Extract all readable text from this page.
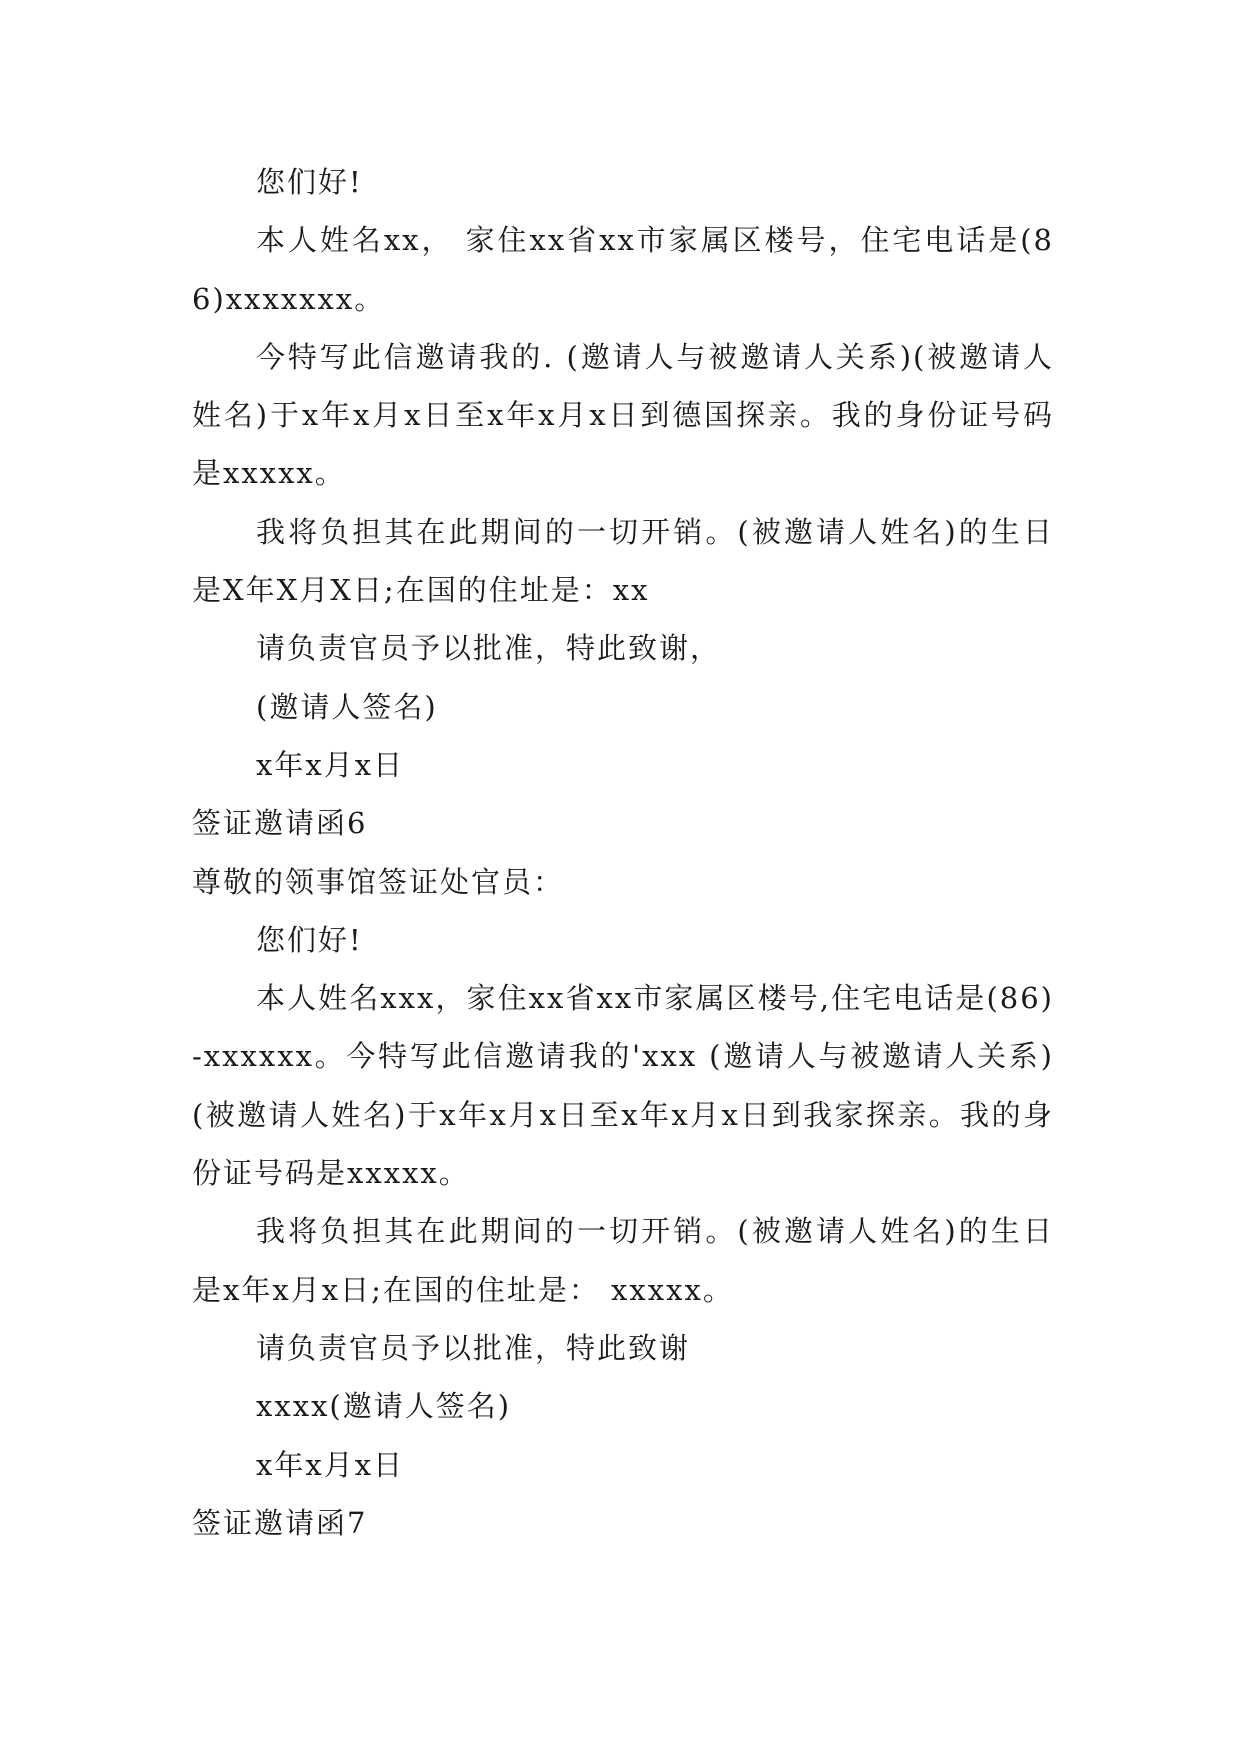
您们好!

本人姓名xx， 家住xx省xx市家属区楼号，住宅电话是(86)xxxxxxx。

今特写此信邀请我的. (邀请人与被邀请人关系)(被邀请人姓名)于x年x月x日至x年x月x日到德国探亲。我的身份证号码是xxxxx。

我将负担其在此期间的一切开销。(被邀请人姓名)的生日是X年X月X日;在国的住址是：xx

请负责官员予以批准，特此致谢，

(邀请人签名)

x年x月x日

签证邀请函6

尊敬的领事馆签证处官员：

您们好!

本人姓名xxx，家住xx省xx市家属区楼号,住宅电话是(86)-xxxxxx。今特写此信邀请我的'xxx (邀请人与被邀请人关系)(被邀请人姓名)于x年x月x日至x年x月x日到我家探亲。我的身份证号码是xxxxx。

我将负担其在此期间的一切开销。(被邀请人姓名)的生日是x年x月x日;在国的住址是： xxxxx。

请负责官员予以批准，特此致谢

xxxx(邀请人签名)

x年x月x日

签证邀请函7
